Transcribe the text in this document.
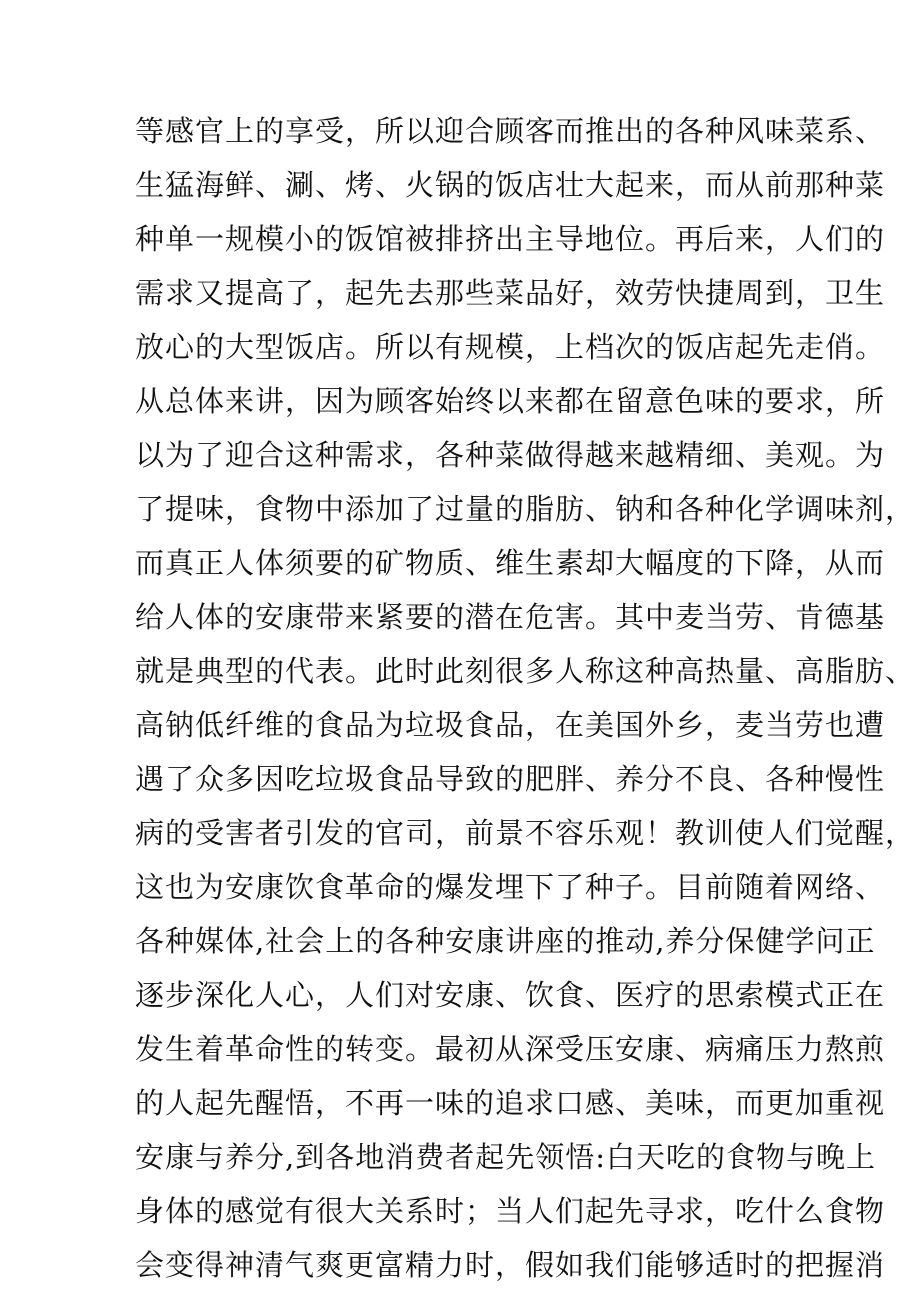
等感官上的享受，所以迎合顾客而推出的各种风味菜系、
生猛海鲜、涮、烤、火锅的饭店壮大起来，而从前那种菜
种单一规模小的饭馆被排挤出主导地位。再后来，人们的
需求又提高了，起先去那些菜品好，效劳快捷周到，卫生
放心的大型饭店。所以有规模，上档次的饭店起先走俏。
从总体来讲，因为顾客始终以来都在留意色味的要求，所
以为了迎合这种需求，各种菜做得越来越精细、美观。为
了提味，食物中添加了过量的脂肪、钠和各种化学调味剂，
而真正人体须要的矿物质、维生素却大幅度的下降，从而
给人体的安康带来紧要的潜在危害。其中麦当劳、肯德基
就是典型的代表。此时此刻很多人称这种高热量、高脂肪、
高钠低纤维的食品为垃圾食品，在美国外乡，麦当劳也遭
遇了众多因吃垃圾食品导致的肥胖、养分不良、各种慢性
病的受害者引发的官司，前景不容乐观！教训使人们觉醒，
这也为安康饮食革命的爆发埋下了种子。目前随着网络、
各种媒体,社会上的各种安康讲座的推动,养分保健学问正
逐步深化人心，人们对安康、饮食、医疗的思索模式正在
发生着革命性的转变。最初从深受压安康、病痛压力熬煎
的人起先醒悟，不再一味的追求口感、美味，而更加重视
安康与养分,到各地消费者起先领悟:白天吃的食物与晚上
身体的感觉有很大关系时；当人们起先寻求，吃什么食物
会变得神清气爽更富精力时，假如我们能够适时的把握消
